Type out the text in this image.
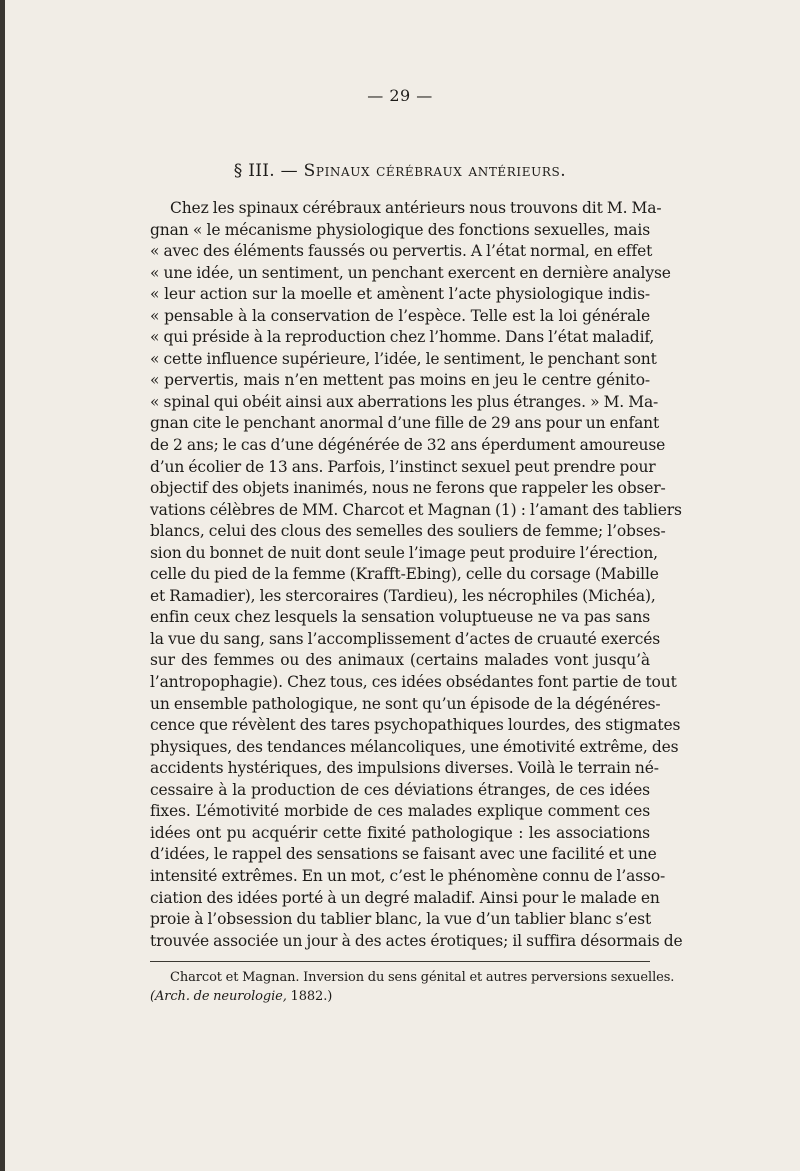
— 29 —
§ III. — Spinaux cérébraux antérieurs.
Chez les spinaux cérébraux antérieurs nous trouvons dit M. Ma-
gnan « le mécanisme physiologique des fonctions sexuelles, mais
« avec des éléments faussés ou pervertis. A l’état normal, en effet
« une idée, un sentiment, un penchant exercent en dernière analyse
« leur action sur la moelle et amènent l’acte physiologique indis-
« pensable à la conservation de l’espèce. Telle est la loi générale
« qui préside à la reproduction chez l’homme. Dans l’état maladif,
« cette influence supérieure, l’idée, le sentiment, le penchant sont
« pervertis, mais n’en mettent pas moins en jeu le centre génito-
« spinal qui obéit ainsi aux aberrations les plus étranges. » M. Ma-
gnan cite le penchant anormal d’une fille de 29 ans pour un enfant
de 2 ans; le cas d’une dégénérée de 32 ans éperdument amoureuse
d’un écolier de 13 ans. Parfois, l’instinct sexuel peut prendre pour
objectif des objets inanimés, nous ne ferons que rappeler les obser-
vations célèbres de MM. Charcot et Magnan (1) : l’amant des tabliers
blancs, celui des clous des semelles des souliers de femme; l’obses-
sion du bonnet de nuit dont seule l’image peut produire l’érection,
celle du pied de la femme (Krafft-Ebing), celle du corsage (Mabille
et Ramadier), les stercoraires (Tardieu), les nécrophiles (Michéa),
enfin ceux chez lesquels la sensation voluptueuse ne va pas sans
la vue du sang, sans l’accomplissement d’actes de cruauté exercés
sur des femmes ou des animaux (certains malades vont jusqu’à
l’antropophagie). Chez tous, ces idées obsédantes font partie de tout
un ensemble pathologique, ne sont qu’un épisode de la dégénéres-
cence que révèlent des tares psychopathiques lourdes, des stigmates
physiques, des tendances mélancoliques, une émotivité extrême, des
accidents hystériques, des impulsions diverses. Voilà le terrain né-
cessaire à la production de ces déviations étranges, de ces idées
fixes. L’émotivité morbide de ces malades explique comment ces
idées ont pu acquérir cette fixité pathologique : les associations
d’idées, le rappel des sensations se faisant avec une facilité et une
intensité extrêmes. En un mot, c’est le phénomène connu de l’asso-
ciation des idées porté à un degré maladif. Ainsi pour le malade en
proie à l’obsession du tablier blanc, la vue d’un tablier blanc s’est
trouvée associée un jour à des actes érotiques; il suffira désormais de
Charcot et Magnan. Inversion du sens génital et autres perversions sexuelles.
(Arch. de neurologie, 1882.)
